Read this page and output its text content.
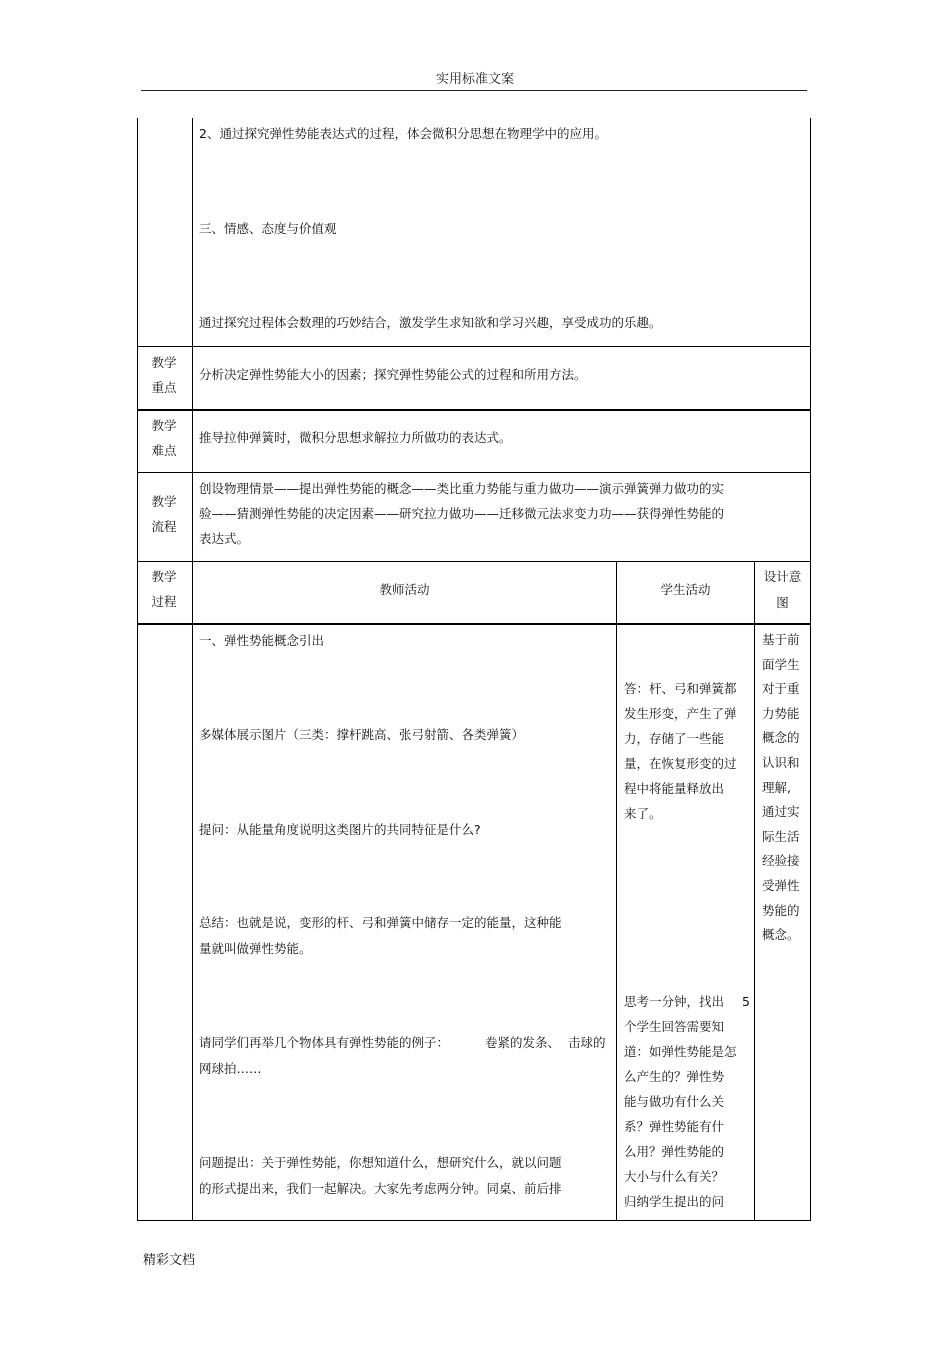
实用标准文案
2、通过探究弹性势能表达式的过程，体会微积分思想在物理学中的应用。
三、情感、态度与价值观
通过探究过程体会数理的巧妙结合，激发学生求知欲和学习兴趣，享受成功的乐趣。
教学
重点
分析决定弹性势能大小的因素；探究弹性势能公式的过程和所用方法。
教学
难点
推导拉伸弹簧时，微积分思想求解拉力所做功的表达式。
教学
流程
创设物理情景——提出弹性势能的概念——类比重力势能与重力做功——演示弹簧弹力做功的实
验——猜测弹性势能的决定因素——研究拉力做功——迁移微元法求变力功——获得弹性势能的
表达式。
教学
过程
教师活动	学生活动
设计意
图
一、弹性势能概念引出
多媒体展示图片（三类：撑杆跳高、张弓射箭、各类弹簧）
提问：从能量角度说明这类图片的共同特征是什么?
总结：也就是说，变形的杆、弓和弹簧中储存一定的能量，这种能
量就叫做弹性势能。
请同学们再举几个物体具有弹性势能的例子：	卷紧的发条、 击球的
网球拍……
问题提出：关于弹性势能，你想知道什么，想研究什么，就以问题
的形式提出来，我们一起解决。大家先考虑两分钟。同桌、前后排
答：杆、弓和弹簧都
发生形变，产生了弹
力，存储了一些能
量，在恢复形变的过
程中将能量释放出
来了。
思考一分钟，找出 5
个学生回答需要知
道：如弹性势能是怎
么产生的？弹性势
能与做功有什么关
系？弹性势能有什
么用？弹性势能的
大小与什么有关？
归纳学生提出的问
基于前
面学生
对于重
力势能
概念的
认识和
理解,
通过实
际生活
经验接
受弹性
势能的
概念。
精彩文档
